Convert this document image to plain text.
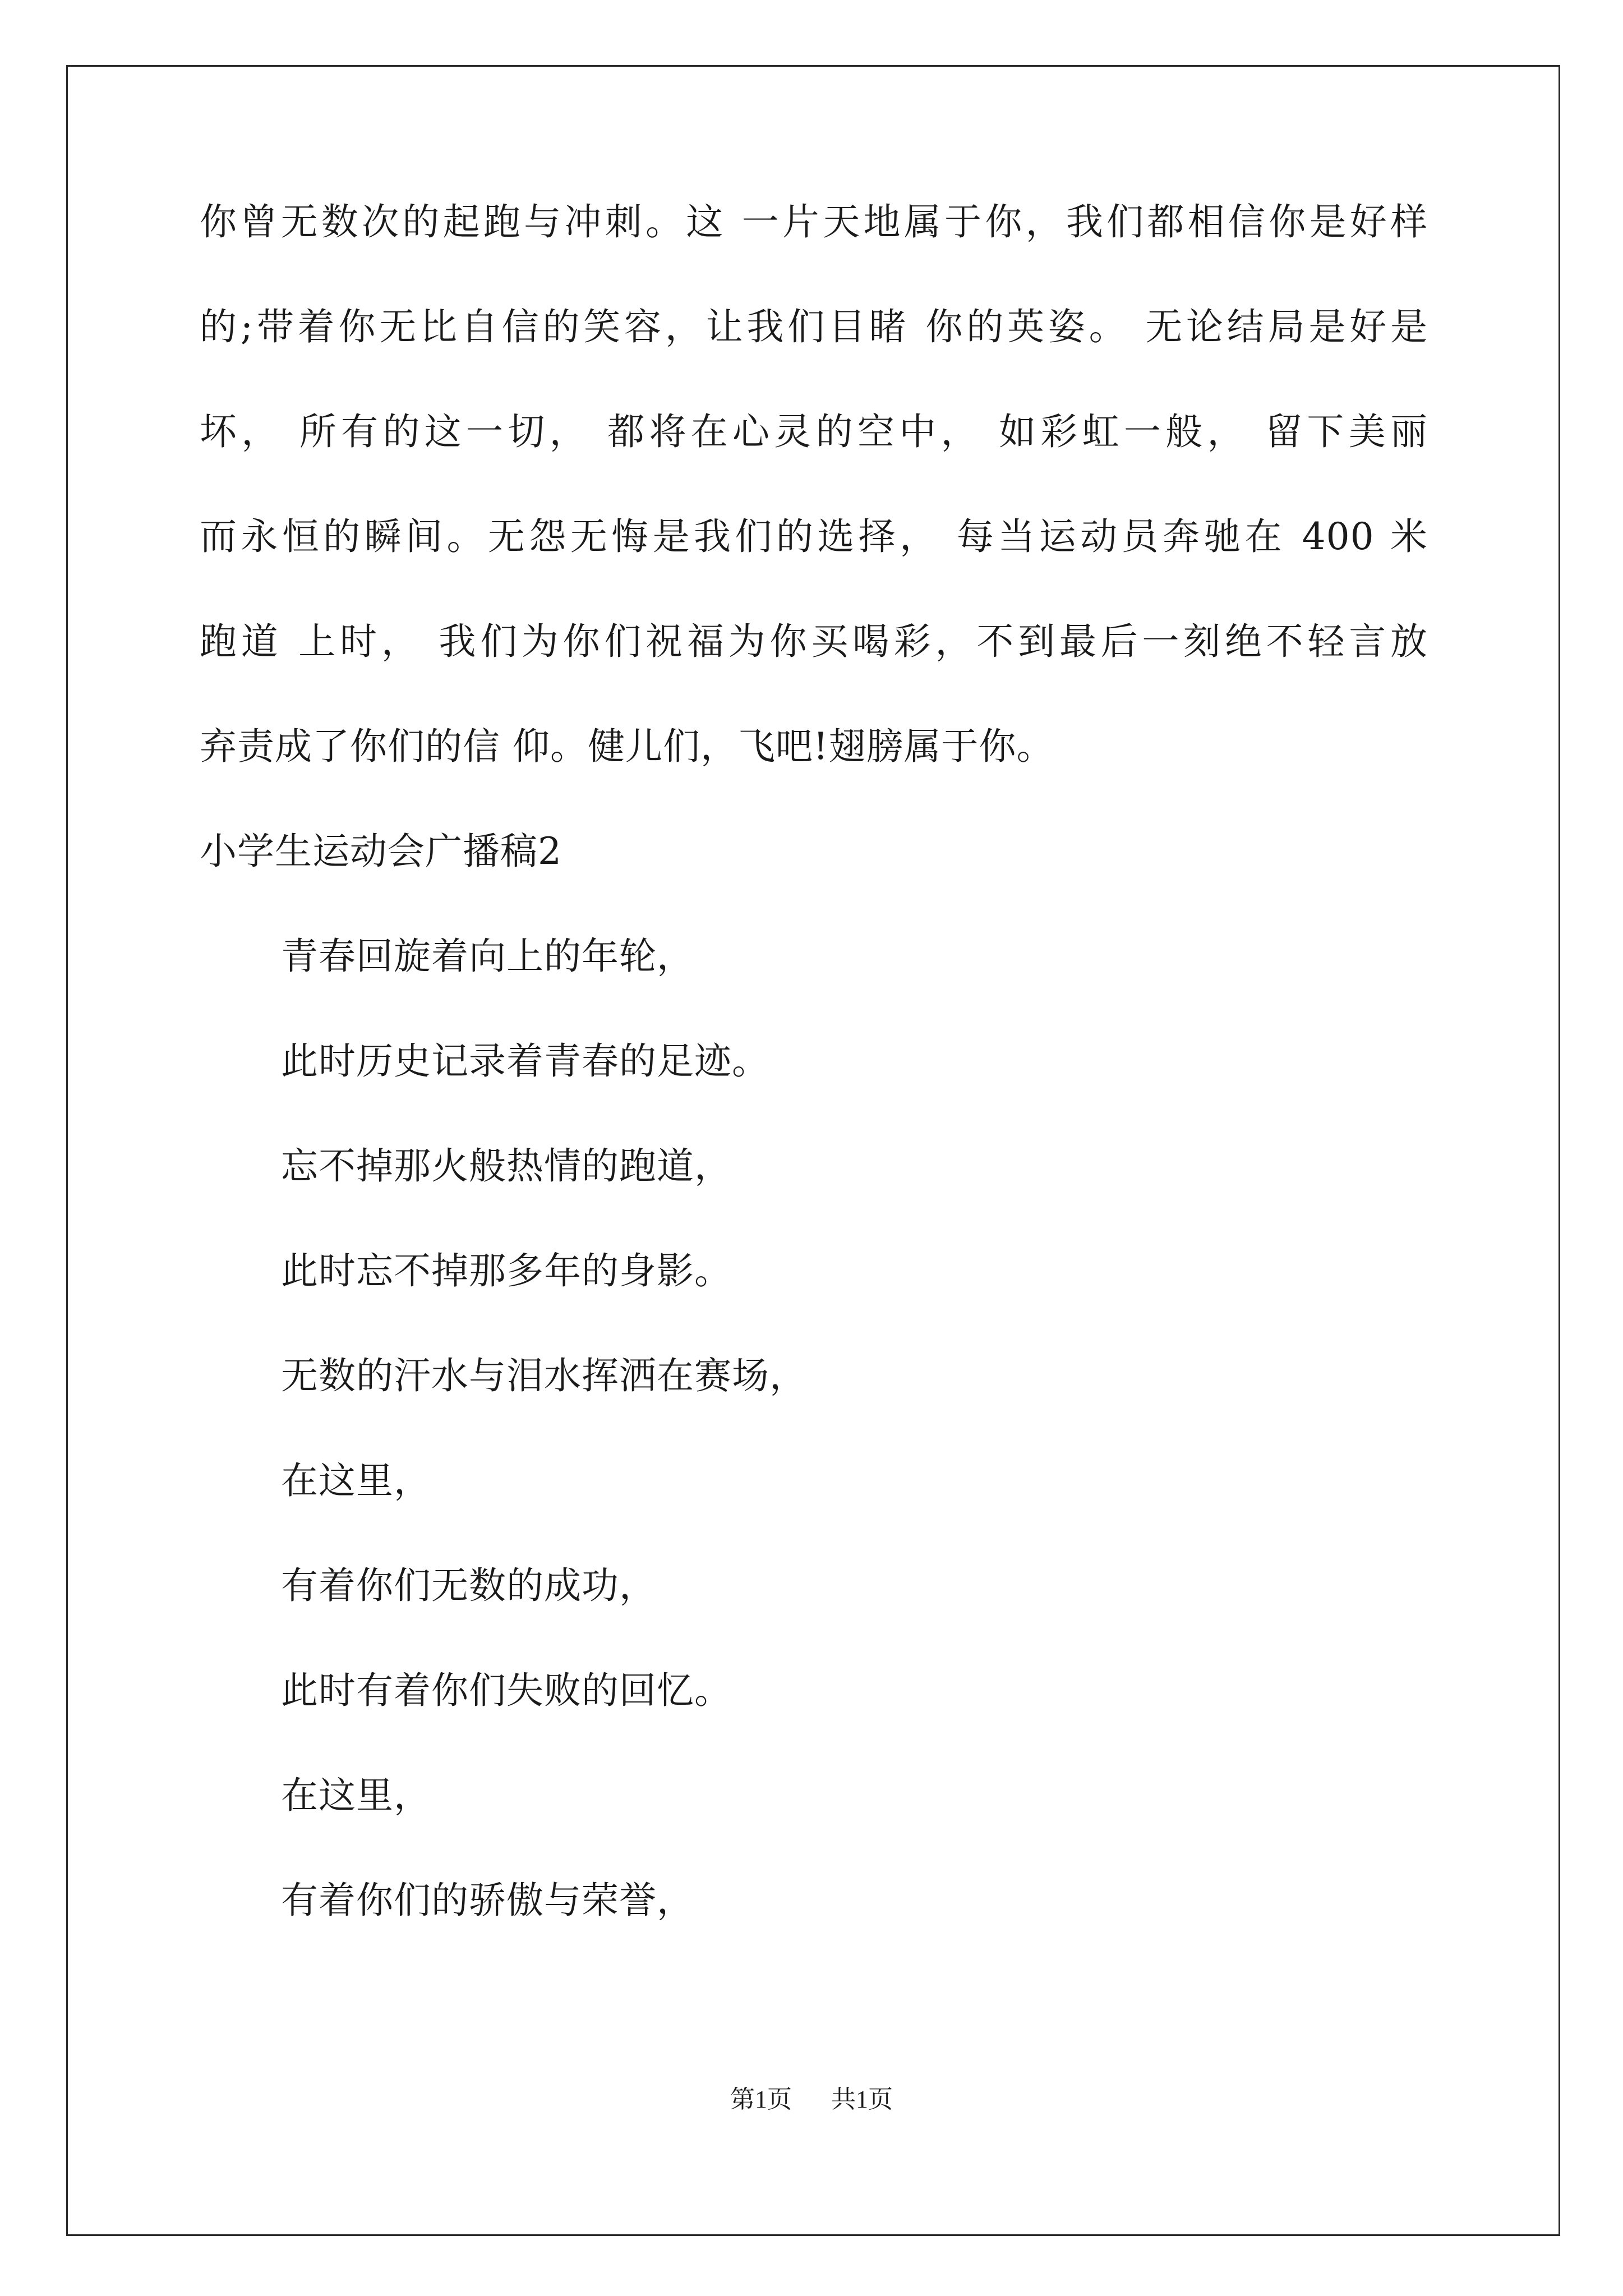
你曾无数次的起跑与冲刺。这 一片天地属于你，我们都相信你是好样
的;带着你无比自信的笑容，让我们目睹 你的英姿。 无论结局是好是
坏， 所有的这一切， 都将在心灵的空中， 如彩虹一般， 留下美丽
而永恒的瞬间。无怨无悔是我们的选择， 每当运动员奔驰在 400 米
跑道 上时， 我们为你们祝福为你买喝彩，不到最后一刻绝不轻言放
弃责成了你们的信 仰。健儿们，飞吧!翅膀属于你。
小学生运动会广播稿2
青春回旋着向上的年轮，
此时历史记录着青春的足迹。
忘不掉那火般热情的跑道，
此时忘不掉那多年的身影。
无数的汗水与泪水挥洒在赛场，
在这里，
有着你们无数的成功，
此时有着你们失败的回忆。
在这里，
有着你们的骄傲与荣誉，
第1页 共1页
